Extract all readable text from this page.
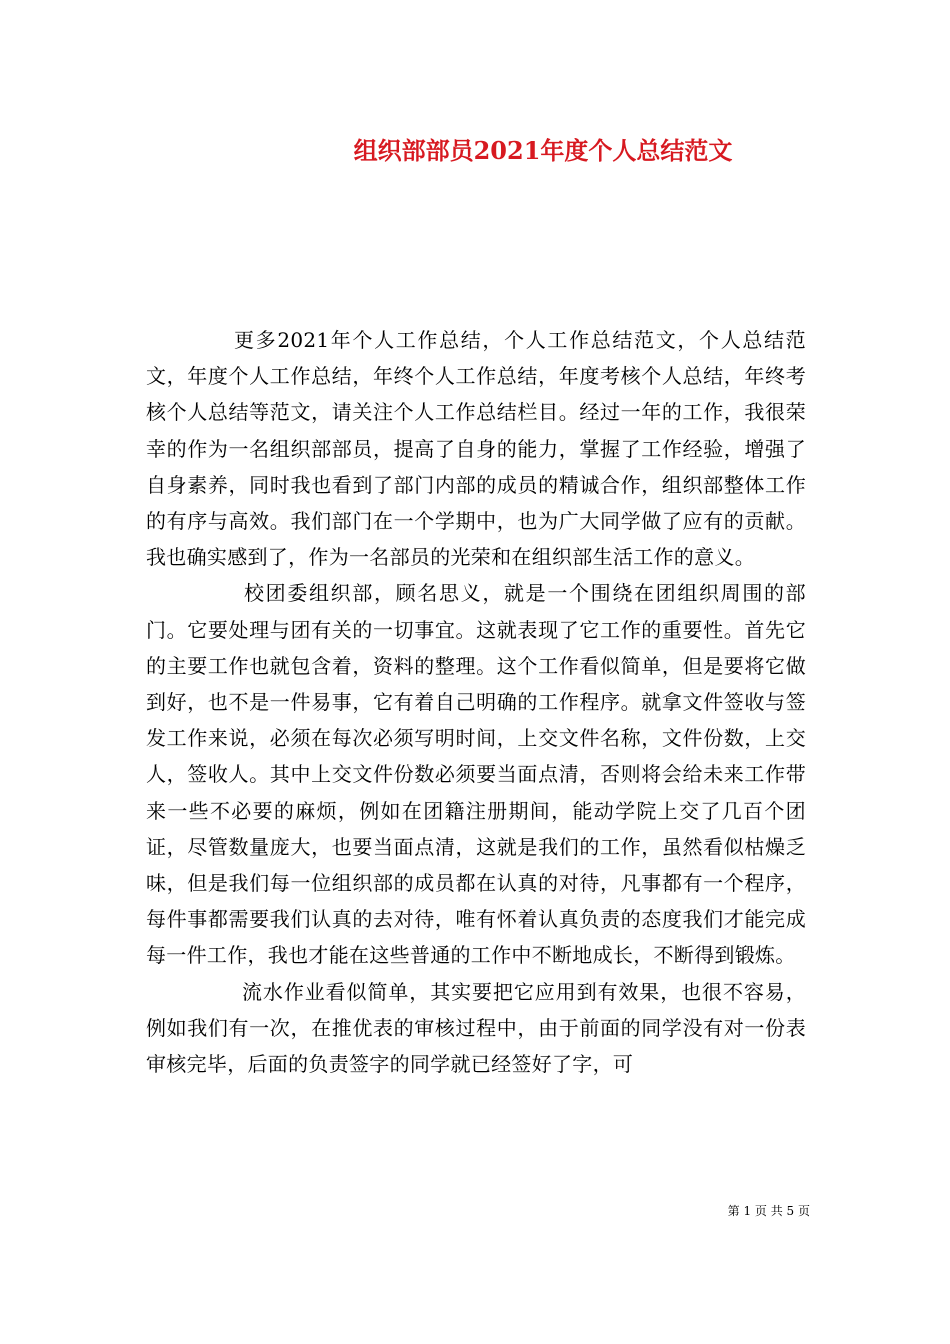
组织部部员2021年度个人总结范文

更多2021年个人工作总结，个人工作总结范文，个人总结范文，年度个人工作总结，年终个人工作总结，年度考核个人总结，年终考核个人总结等范文，请关注个人工作总结栏目。经过一年的工作，我很荣幸的作为一名组织部部员，提高了自身的能力，掌握了工作经验，增强了自身素养，同时我也看到了部门内部的成员的精诚合作，组织部整体工作的有序与高效。我们部门在一个学期中，也为广大同学做了应有的贡献。我也确实感到了，作为一名部员的光荣和在组织部生活工作的意义。

校团委组织部，顾名思义，就是一个围绕在团组织周围的部门。它要处理与团有关的一切事宜。这就表现了它工作的重要性。首先它的主要工作也就包含着，资料的整理。这个工作看似简单，但是要将它做到好，也不是一件易事，它有着自己明确的工作程序。就拿文件签收与签发工作来说，必须在每次必须写明时间，上交文件名称，文件份数，上交人，签收人。其中上交文件份数必须要当面点清，否则将会给未来工作带来一些不必要的麻烦，例如在团籍注册期间，能动学院上交了几百个团证，尽管数量庞大，也要当面点清，这就是我们的工作，虽然看似枯燥乏味，但是我们每一位组织部的成员都在认真的对待，凡事都有一个程序，每件事都需要我们认真的去对待，唯有怀着认真负责的态度我们才能完成每一件工作，我也才能在这些普通的工作中不断地成长，不断得到锻炼。

流水作业看似简单，其实要把它应用到有效果，也很不容易，例如我们有一次，在推优表的审核过程中，由于前面的同学没有对一份表审核完毕，后面的负责签字的同学就已经签好了字，可

第 1 页 共 5 页
